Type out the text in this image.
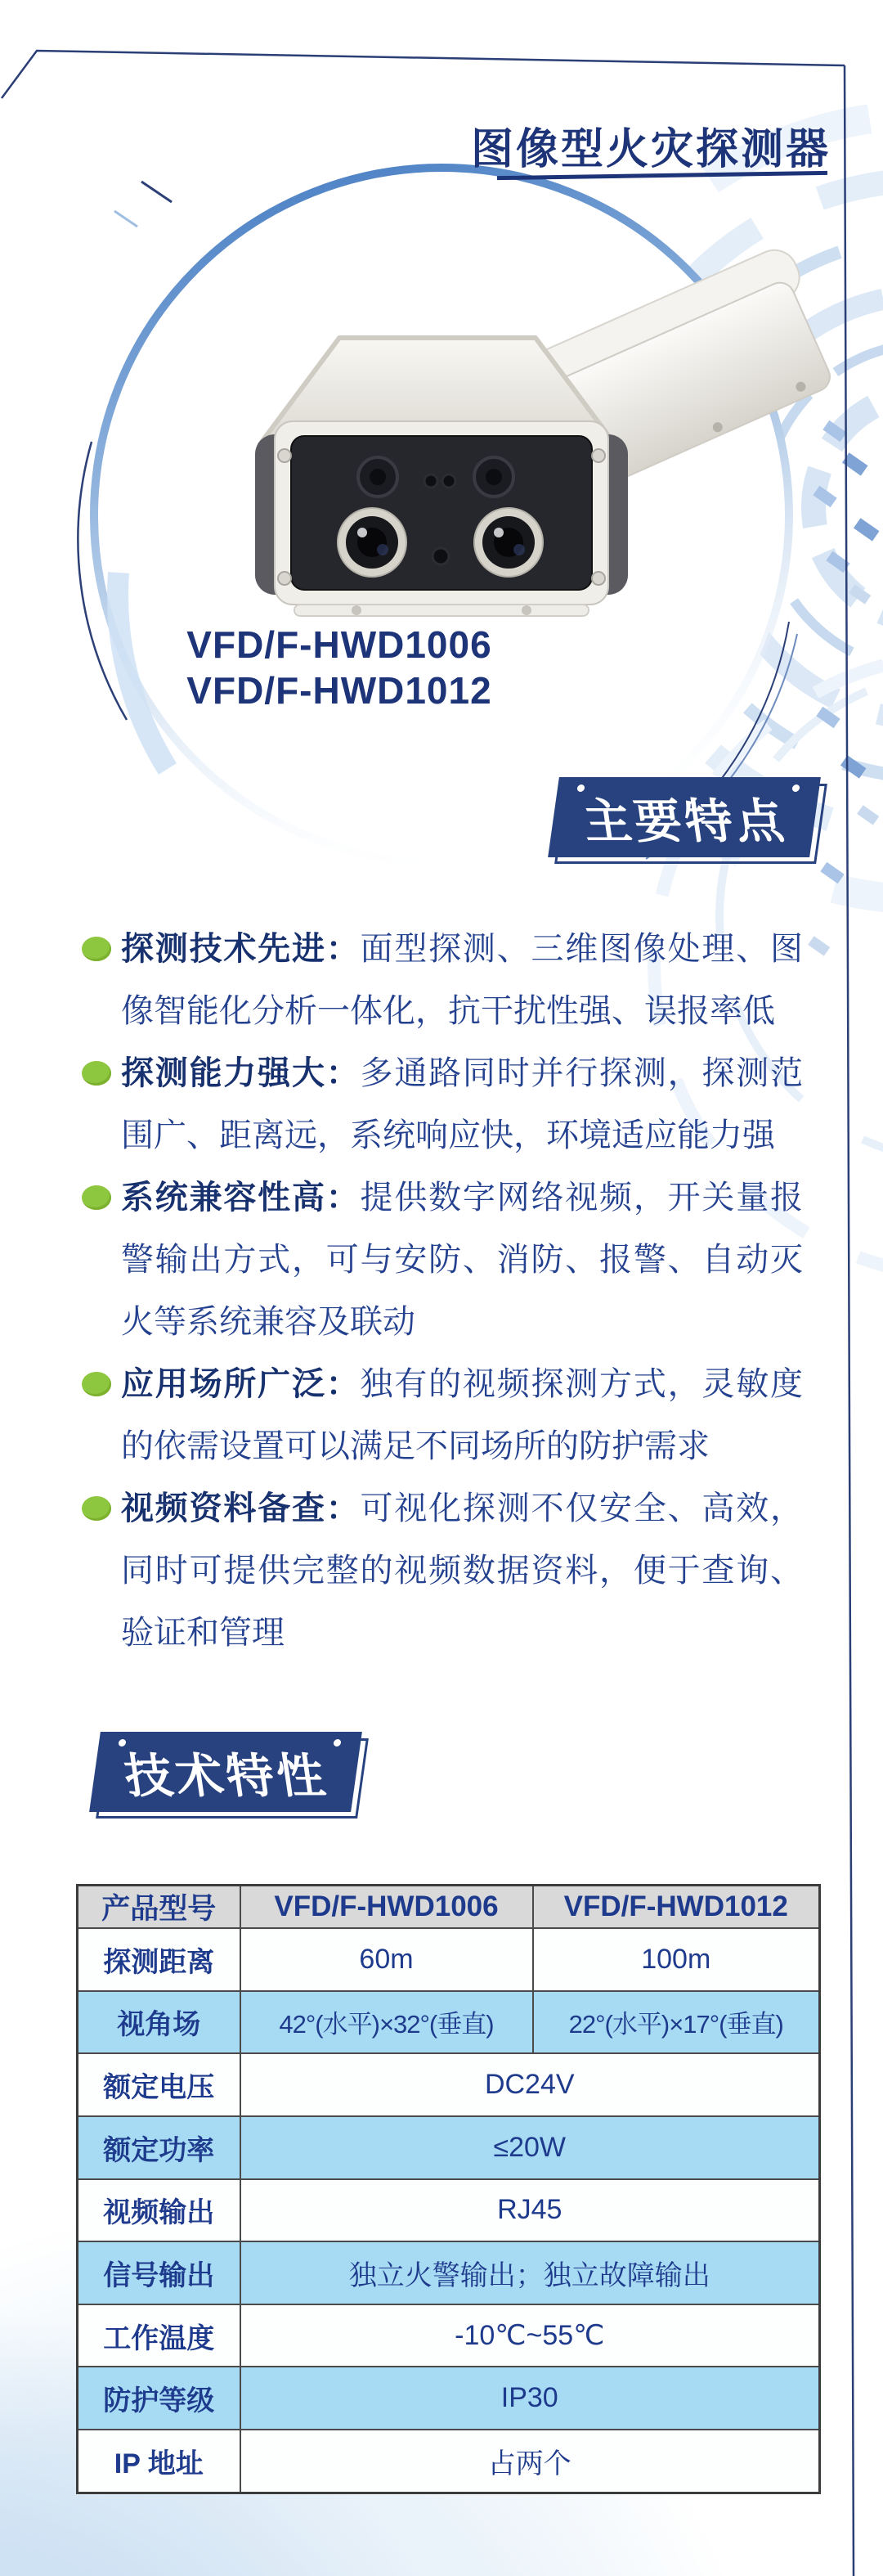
图像型火灾探测器
VFD/F-HWD1006
VFD/F-HWD1012
主要特点
探测技术先进：面型探测、三维图像处理、图像智能化分析一体化，抗干扰性强、误报率低
探测能力强大：多通路同时并行探测，探测范围广、距离远，系统响应快，环境适应能力强
系统兼容性高：提供数字网络视频，开关量报警输出方式，可与安防、消防、报警、自动灭火等系统兼容及联动
应用场所广泛：独有的视频探测方式，灵敏度的依需设置可以满足不同场所的防护需求
视频资料备查：可视化探测不仅安全、高效，同时可提供完整的视频数据资料，便于查询、验证和管理
技术特性
产品型号	VFD/F-HWD1006	VFD/F-HWD1012
探测距离	60m	100m
视角场	42°(水平)×32°(垂直)	22°(水平)×17°(垂直)
额定电压	DC24V	
额定功率	≤20W	
视频输出	RJ45	
信号输出	独立火警输出；独立故障输出	
工作温度	-10℃~55℃	
防护等级	IP30	
IP 地址	占两个	
